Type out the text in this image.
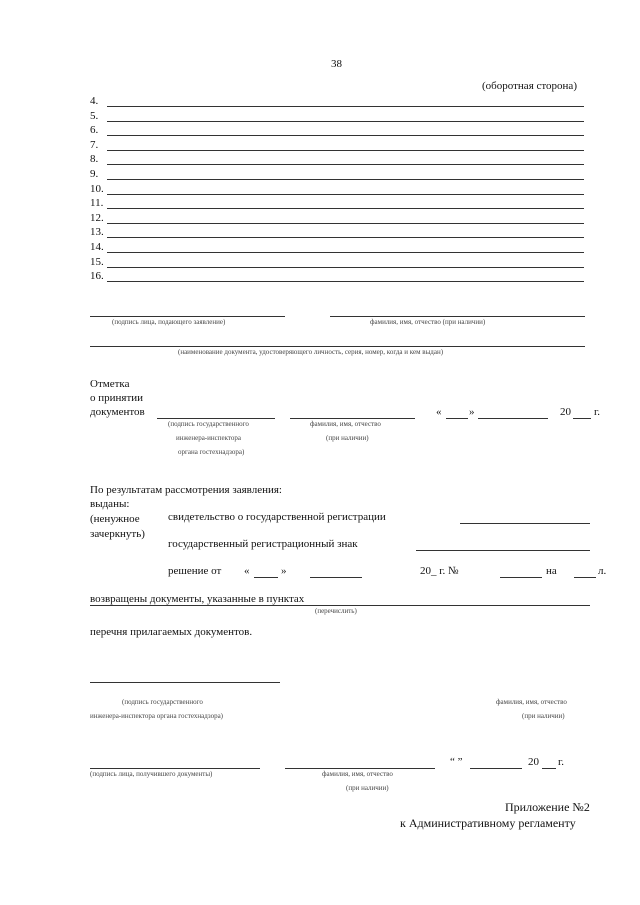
38
(оборотная сторона)
4.
5.
6.
7.
8.
9.
10.
11.
12.
13.
14.
15.
16.
(подпись лица, подающего заявление)	фамилия, имя, отчество (при наличии)
(наименование документа, удостоверяющего личность, серия, номер, когда и кем выдан)
Отметка
о принятии
документов
(подпись государственного
инженера-инспектора
органа гостехнадзора)
фамилия, имя, отчество
(при наличии)
«	»	20 г.
По результатам рассмотрения заявления:
выданы:
(ненужное
зачеркнуть)
свидетельство о государственной регистрации
государственный регистрационный знак
решение от «	»	20_ г. №	на	л.
возвращены документы, указанные в пунктах
(перечислить)
перечня прилагаемых документов.
(подпись государственного
инженера-инспектора органа гостехнадзора)
фамилия, имя, отчество
(при наличии)
(подпись лица, получившего документы)	фамилия, имя, отчество
(при наличии)
“ ”	20 г.
Приложение №2
к Административному регламенту
